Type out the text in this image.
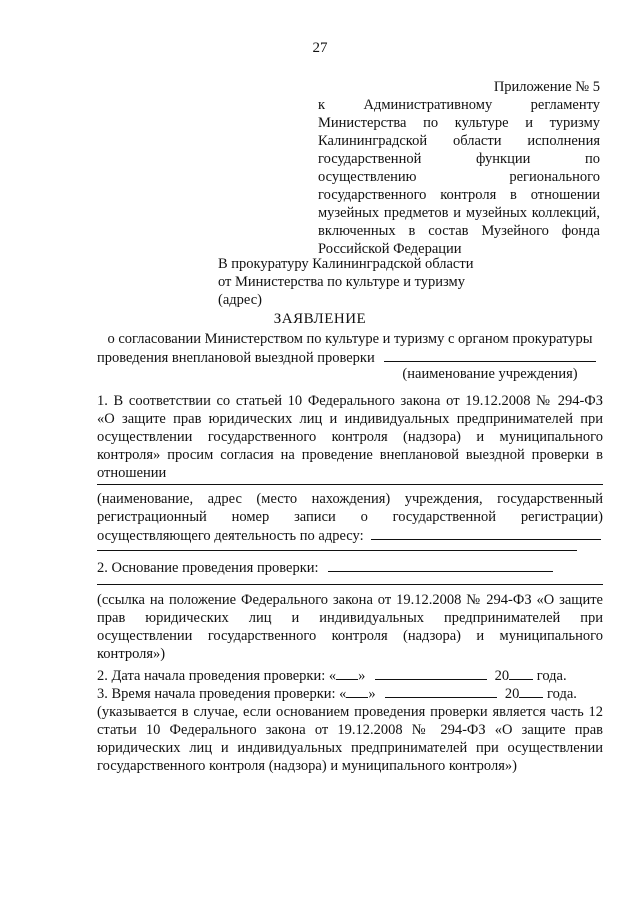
27
Приложение № 5
к Административному регламенту
Министерства по культуре и туризму
Калининградской области исполнения
государственной функции по
осуществлению регионального
государственного контроля в отношении
музейных предметов и музейных коллекций,
включенных в состав Музейного фонда
Российской Федерации
В прокуратуру Калининградской области
от Министерства по культуре и туризму
(адрес)
ЗАЯВЛЕНИЕ
о согласовании Министерством по культуре и туризму с органом прокуратуры
проведения внеплановой выездной проверки
(наименование учреждения)
1. В соответствии со статьей 10 Федерального закона от 19.12.2008 № 294-ФЗ
«О защите прав юридических лиц и индивидуальных предпринимателей при
осуществлении государственного контроля (надзора) и муниципального
контроля» просим согласия на проведение внеплановой выездной проверки в
отношении
(наименование, адрес (место нахождения) учреждения, государственный
регистрационный номер записи о государственной регистрации)
осуществляющего деятельность по адресу:
2. Основание проведения проверки:
(ссылка на положение Федерального закона от 19.12.2008 № 294-ФЗ «О защите
прав юридических лиц и индивидуальных предпринимателей при
осуществлении государственного контроля (надзора) и муниципального
контроля»)
2. Дата начала проведения проверки: « »	20 года.
3. Время начала проведения проверки: « »	20 года.
(указывается в случае, если основанием проведения проверки является часть 12
статьи 10 Федерального закона от 19.12.2008 № 294-ФЗ «О защите прав
юридических лиц и индивидуальных предпринимателей при осуществлении
государственного контроля (надзора) и муниципального контроля»)
